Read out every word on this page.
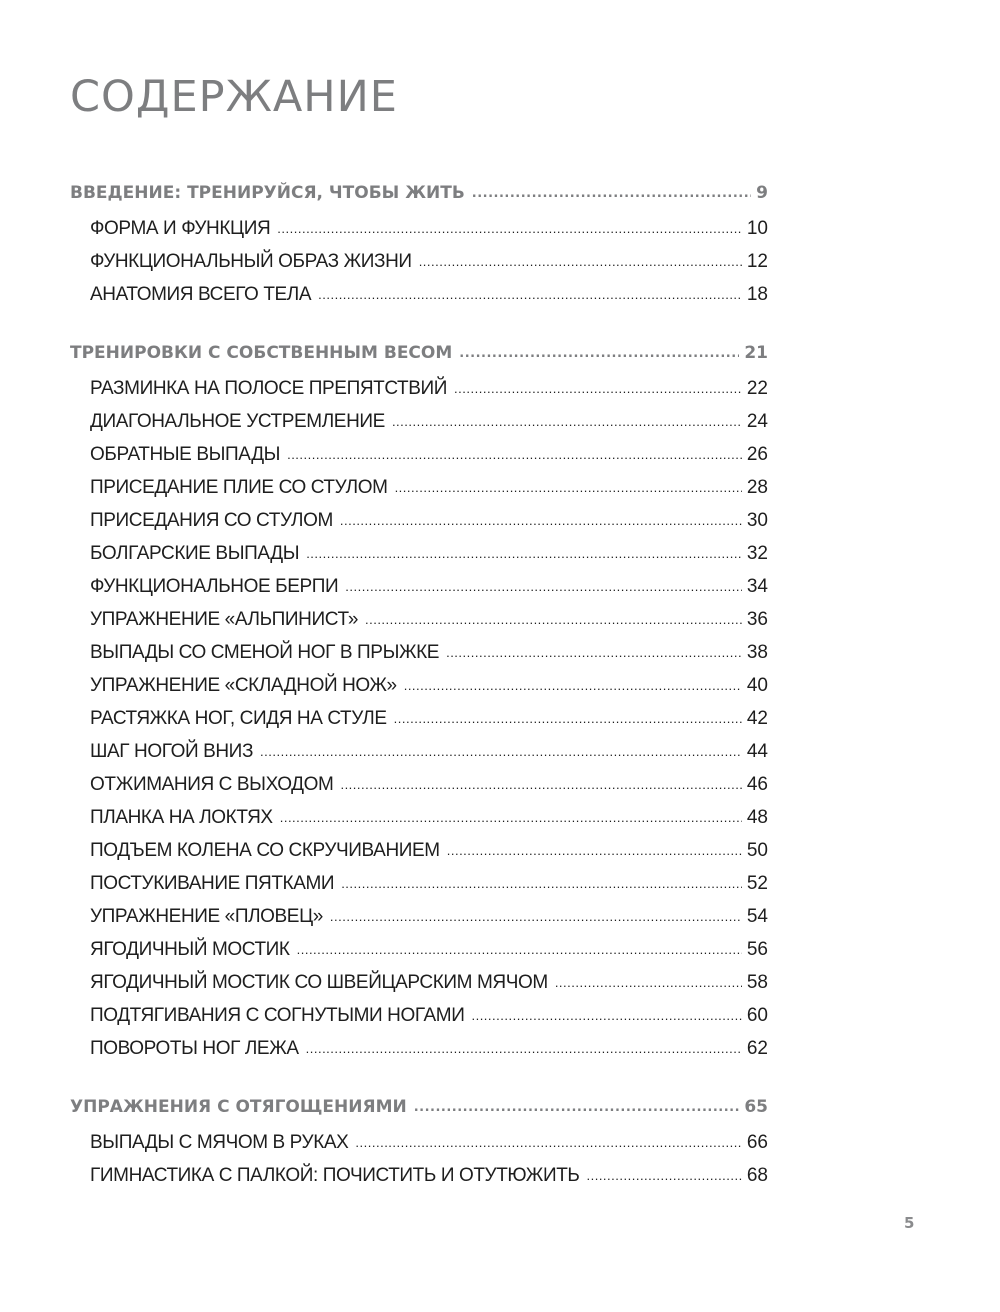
СОДЕРЖАНИЕ
ВВЕДЕНИЕ: ТРЕНИРУЙСЯ, ЧТОБЫ ЖИТЬ .....	9
ФОРМА И ФУНКЦИЯ .....	10
ФУНКЦИОНАЛЬНЫЙ ОБРАЗ ЖИЗНИ .....	12
АНАТОМИЯ ВСЕГО ТЕЛА .....	18
ТРЕНИРОВКИ С СОБСТВЕННЫМ ВЕСОМ .....	21
РАЗМИНКА НА ПОЛОСЕ ПРЕПЯТСТВИЙ .....	22
ДИАГОНАЛЬНОЕ УСТРЕМЛЕНИЕ .....	24
ОБРАТНЫЕ ВЫПАДЫ .....	26
ПРИСЕДАНИЕ ПЛИЕ СО СТУЛОМ .....	28
ПРИСЕДАНИЯ СО СТУЛОМ .....	30
БОЛГАРСКИЕ ВЫПАДЫ .....	32
ФУНКЦИОНАЛЬНОЕ БЕРПИ .....	34
УПРАЖНЕНИЕ «АЛЬПИНИСТ» .....	36
ВЫПАДЫ СО СМЕНОЙ НОГ В ПРЫЖКЕ .....	38
УПРАЖНЕНИЕ «СКЛАДНОЙ НОЖ» .....	40
РАСТЯЖКА НОГ, СИДЯ НА СТУЛЕ .....	42
ШАГ НОГОЙ ВНИЗ .....	44
ОТЖИМАНИЯ С ВЫХОДОМ .....	46
ПЛАНКА НА ЛОКТЯХ .....	48
ПОДЪЕМ КОЛЕНА СО СКРУЧИВАНИЕМ .....	50
ПОСТУКИВАНИЕ ПЯТКАМИ .....	52
УПРАЖНЕНИЕ «ПЛОВЕЦ» .....	54
ЯГОДИЧНЫЙ МОСТИК .....	56
ЯГОДИЧНЫЙ МОСТИК СО ШВЕЙЦАРСКИМ МЯЧОМ .....	58
ПОДТЯГИВАНИЯ С СОГНУТЫМИ НОГАМИ .....	60
ПОВОРОТЫ НОГ ЛЕЖА .....	62
УПРАЖНЕНИЯ С ОТЯГОЩЕНИЯМИ .....	65
ВЫПАДЫ С МЯЧОМ В РУКАХ .....	66
ГИМНАСТИКА С ПАЛКОЙ: ПОЧИСТИТЬ И ОТУТЮЖИТЬ .....	68
5
